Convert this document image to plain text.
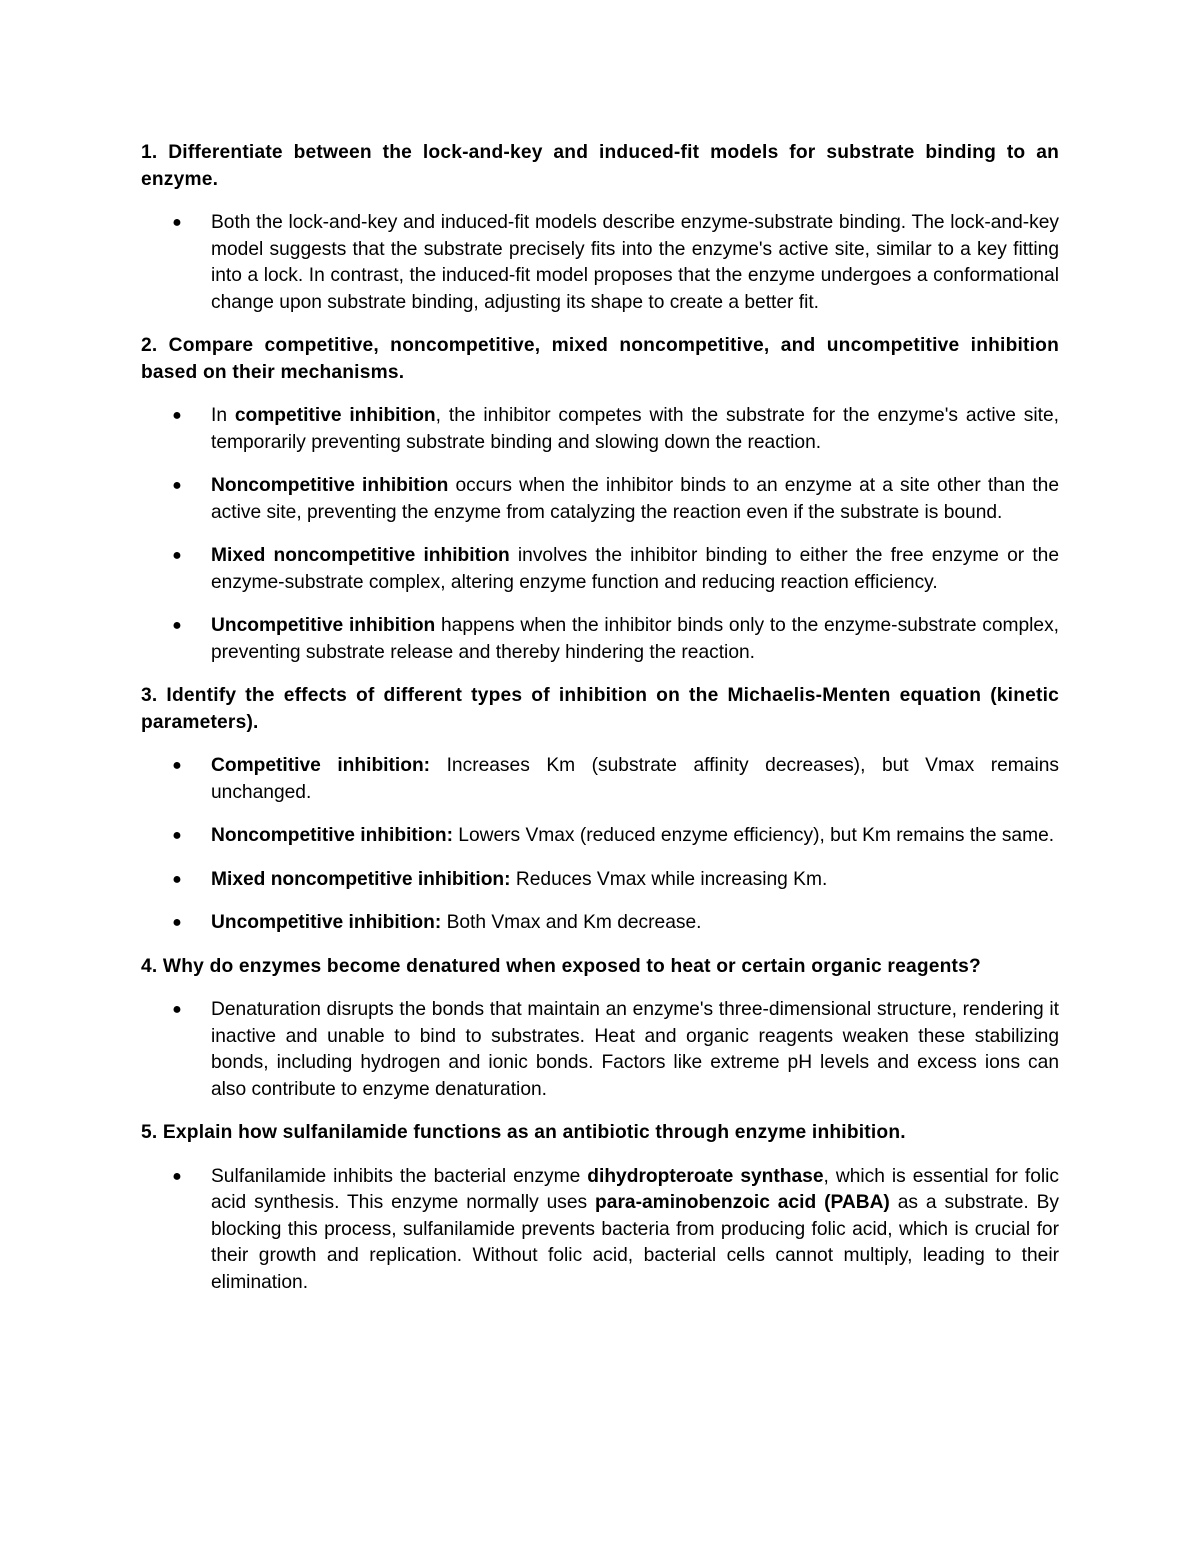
1. Differentiate between the lock-and-key and induced-fit models for substrate binding to an enzyme.

● Both the lock-and-key and induced-fit models describe enzyme-substrate binding. The lock-and-key model suggests that the substrate precisely fits into the enzyme's active site, similar to a key fitting into a lock. In contrast, the induced-fit model proposes that the enzyme undergoes a conformational change upon substrate binding, adjusting its shape to create a better fit.

2. Compare competitive, noncompetitive, mixed noncompetitive, and uncompetitive inhibition based on their mechanisms.

● In competitive inhibition, the inhibitor competes with the substrate for the enzyme's active site, temporarily preventing substrate binding and slowing down the reaction.
● Noncompetitive inhibition occurs when the inhibitor binds to an enzyme at a site other than the active site, preventing the enzyme from catalyzing the reaction even if the substrate is bound.
● Mixed noncompetitive inhibition involves the inhibitor binding to either the free enzyme or the enzyme-substrate complex, altering enzyme function and reducing reaction efficiency.
● Uncompetitive inhibition happens when the inhibitor binds only to the enzyme-substrate complex, preventing substrate release and thereby hindering the reaction.

3. Identify the effects of different types of inhibition on the Michaelis-Menten equation (kinetic parameters).

● Competitive inhibition: Increases Km (substrate affinity decreases), but Vmax remains unchanged.
● Noncompetitive inhibition: Lowers Vmax (reduced enzyme efficiency), but Km remains the same.
● Mixed noncompetitive inhibition: Reduces Vmax while increasing Km.
● Uncompetitive inhibition: Both Vmax and Km decrease.

4. Why do enzymes become denatured when exposed to heat or certain organic reagents?

● Denaturation disrupts the bonds that maintain an enzyme's three-dimensional structure, rendering it inactive and unable to bind to substrates. Heat and organic reagents weaken these stabilizing bonds, including hydrogen and ionic bonds. Factors like extreme pH levels and excess ions can also contribute to enzyme denaturation.

5. Explain how sulfanilamide functions as an antibiotic through enzyme inhibition.

● Sulfanilamide inhibits the bacterial enzyme dihydropteroate synthase, which is essential for folic acid synthesis. This enzyme normally uses para-aminobenzoic acid (PABA) as a substrate. By blocking this process, sulfanilamide prevents bacteria from producing folic acid, which is crucial for their growth and replication. Without folic acid, bacterial cells cannot multiply, leading to their elimination.
